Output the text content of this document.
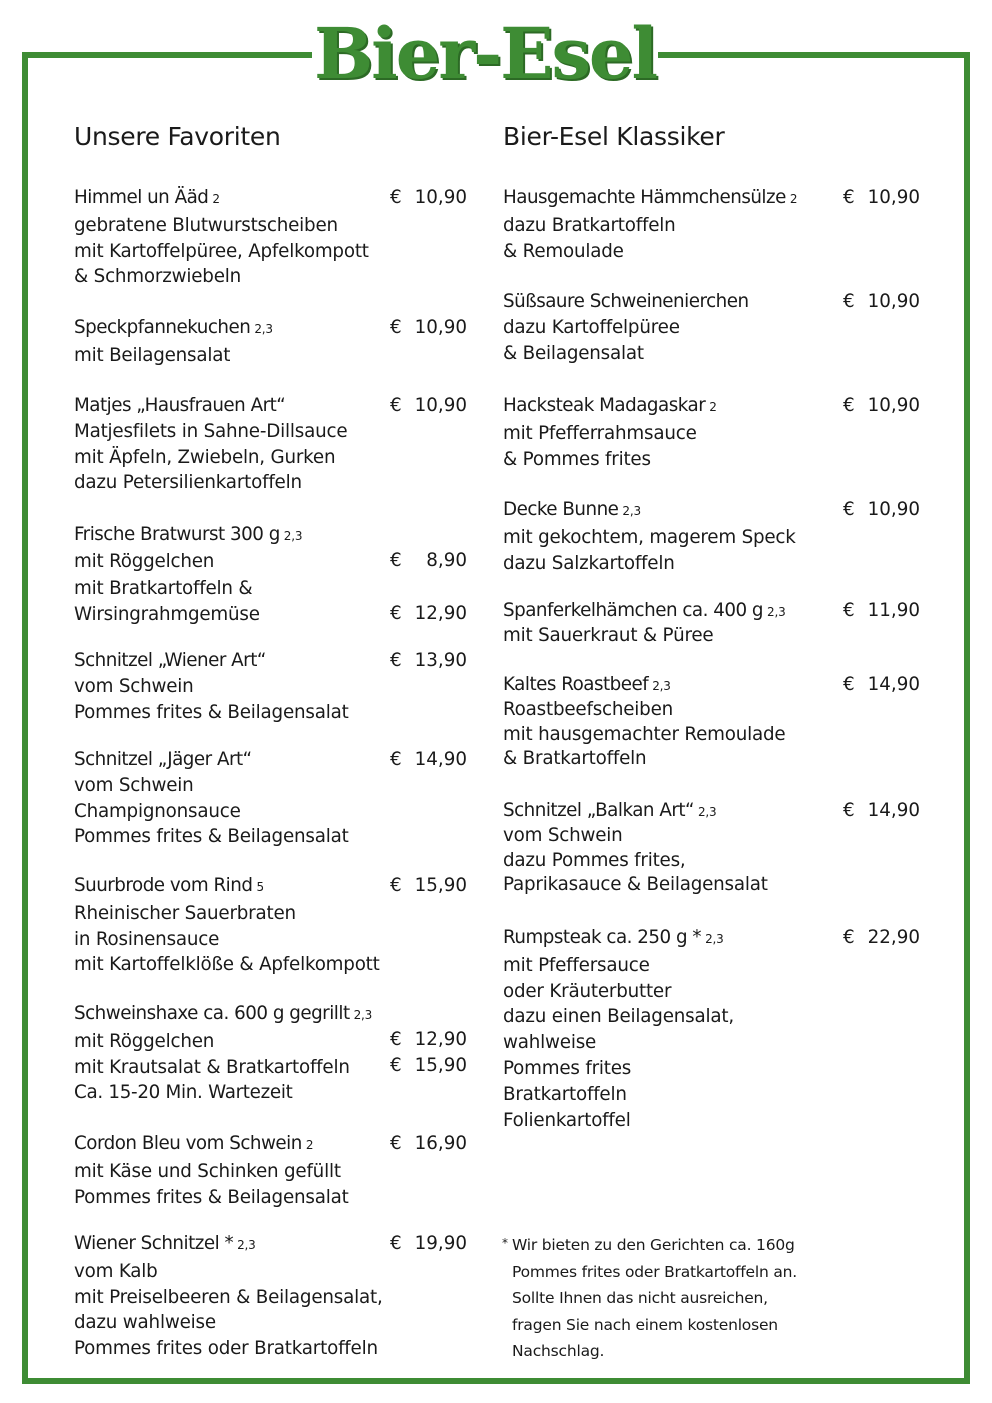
Bier-Esel
Unsere Favoriten	Bier-Esel Klassiker
Himmel un Ääd 2
gebratene Blutwurstscheiben
mit Kartoffelpüree, Apfelkompott
& Schmorzwiebeln
€ 10,90
Speckpfannekuchen 2,3
mit Beilagensalat
€ 10,90
Matjes „Hausfrauen Art“
Matjesfilets in Sahne-Dillsauce
mit Äpfeln, Zwiebeln, Gurken
dazu Petersilienkartoffeln
€ 10,90
Frische Bratwurst 300 g 2,3
mit Röggelchen
mit Bratkartoffeln &
Wirsingrahmgemüse
€ 8,90
€ 12,90
Schnitzel „Wiener Art“
vom Schwein
Pommes frites & Beilagensalat
€ 13,90
Schnitzel „Jäger Art“
vom Schwein
Champignonsauce
Pommes frites & Beilagensalat
€ 14,90
Suurbrode vom Rind 5
Rheinischer Sauerbraten
in Rosinensauce
mit Kartoffelklöße & Apfelkompott
€ 15,90
Schweinshaxe ca. 600 g gegrillt 2,3
mit Röggelchen
mit Krautsalat & Bratkartoffeln
Ca. 15-20 Min. Wartezeit
€ 12,90
€ 15,90
Cordon Bleu vom Schwein 2
mit Käse und Schinken gefüllt
Pommes frites & Beilagensalat
€ 16,90
Wiener Schnitzel * 2,3
vom Kalb
mit Preiselbeeren & Beilagensalat,
dazu wahlweise
Pommes frites oder Bratkartoffeln
€ 19,90
Hausgemachte Hämmchensülze 2
dazu Bratkartoffeln
& Remoulade
€ 10,90
Süßsaure Schweinenierchen
dazu Kartoffelpüree
& Beilagensalat
€ 10,90
Hacksteak Madagaskar 2
mit Pfefferrahmsauce
& Pommes frites
€ 10,90
Decke Bunne 2,3
mit gekochtem, magerem Speck
dazu Salzkartoffeln
€ 10,90
Spanferkelhämchen ca. 400 g 2,3
mit Sauerkraut & Püree
€ 11,90
Kaltes Roastbeef 2,3
Roastbeefscheiben
mit hausgemachter Remoulade
& Bratkartoffeln
€ 14,90
Schnitzel „Balkan Art“ 2,3
vom Schwein
dazu Pommes frites,
Paprikasauce & Beilagensalat
€ 14,90
Rumpsteak ca. 250 g * 2,3
mit Pfeffersauce
oder Kräuterbutter
dazu einen Beilagensalat,
wahlweise
Pommes frites
Bratkartoffeln
Folienkartoffel
€ 22,90
* Wir bieten zu den Gerichten ca. 160g
Pommes frites oder Bratkartoffeln an.
Sollte Ihnen das nicht ausreichen,
fragen Sie nach einem kostenlosen
Nachschlag.
